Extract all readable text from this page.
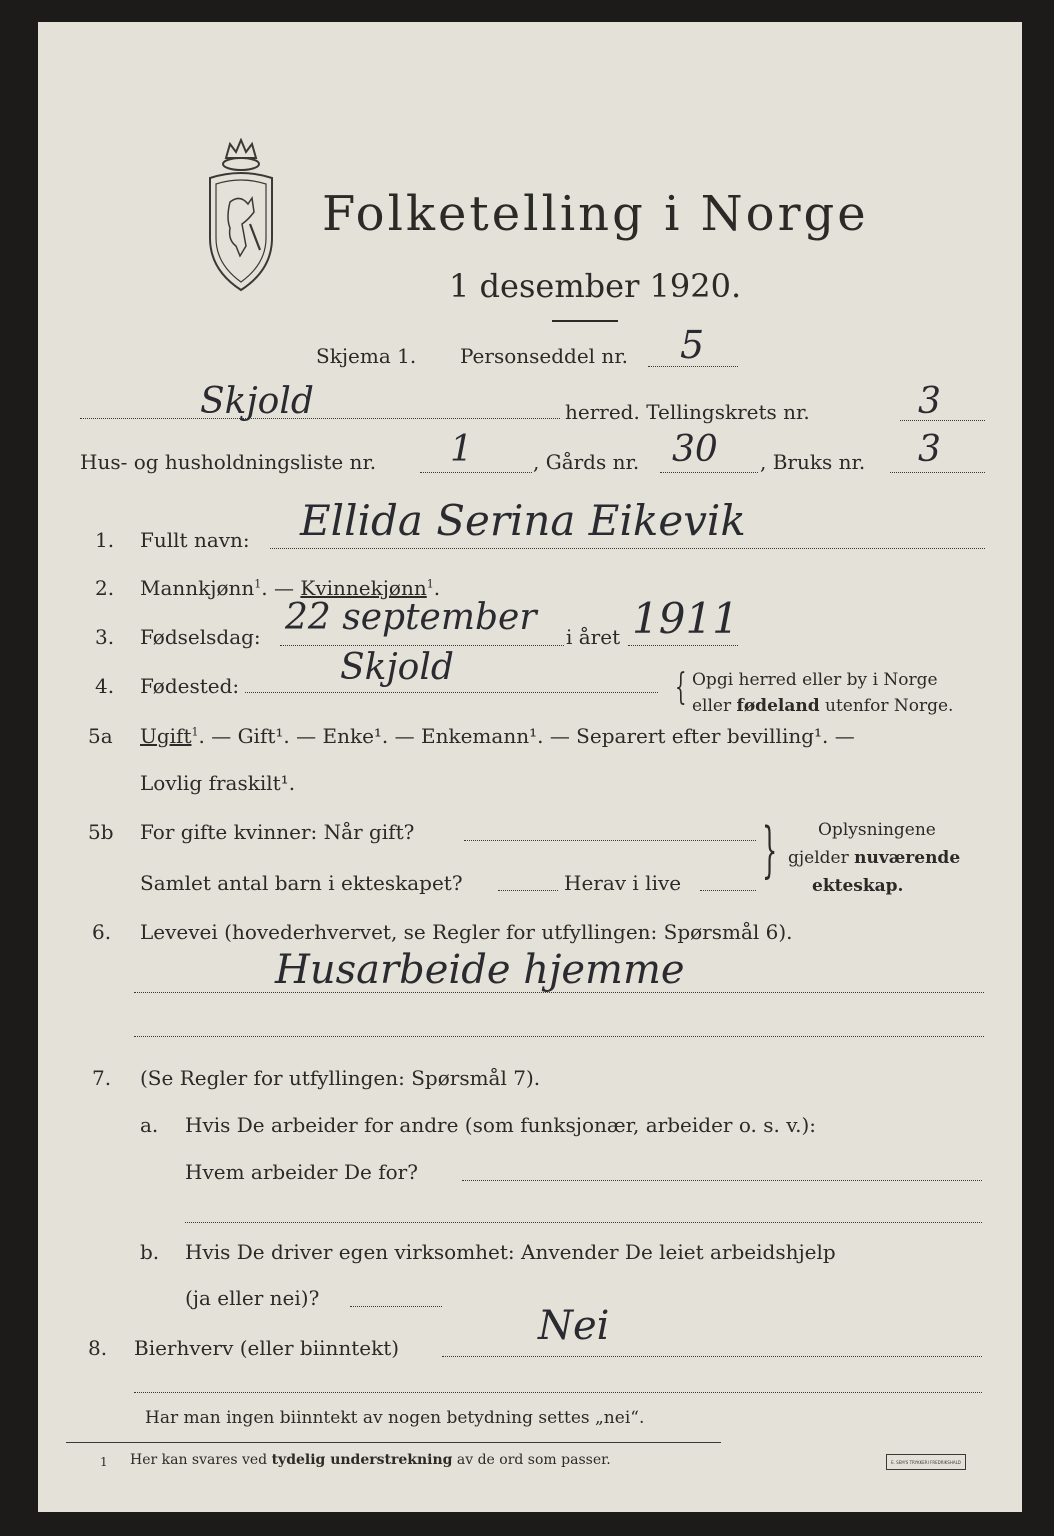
Folketelling i Norge
1 desember 1920.
Skjema 1. Personseddel nr. 5
Skjold	herred. Tellingskrets nr.	3
Hus- og husholdningsliste nr. 1	, Gårds nr. 30 , Bruks nr. 3
1. Fullt navn: Ellida Serina Eikevik
2. Mannkjønn$^1$. — Kvinnekjønn$^1$.
3. Fødselsdag: 22 september i året 1911
4. Fødested:	Skjold	{ Opgi herred eller by i Norge
eller fødeland utenfor Norge.
5a Ugift$^1$. — Gift¹. — Enke¹. — Enkemann¹. — Separert efter bevilling¹. —
Lovlig fraskilt¹.
5b For gifte kvinner: Når gift?
Samlet antal barn i ekteskapet?	Herav i live } Oplysningene
gjelder nuværende
ekteskap.
6. Levevei (hovederhvervet, se Regler for utfyllingen: Spørsmål 6).
Husarbeide hjemme
7. (Se Regler for utfyllingen: Spørsmål 7).
a. Hvis De arbeider for andre (som funksjonær, arbeider o. s. v.):
Hvem arbeider De for?
b. Hvis De driver egen virksomhet: Anvender De leiet arbeidshjelp
(ja eller nei)?
8. Bierhverv (eller biinntekt)	Nei
Har man ingen biinntekt av nogen betydning settes „nei“.
1 Her kan svares ved tydelig understrekning av de ord som passer.	E. SEM'S TRYKKERI FREDRIKSHALD
